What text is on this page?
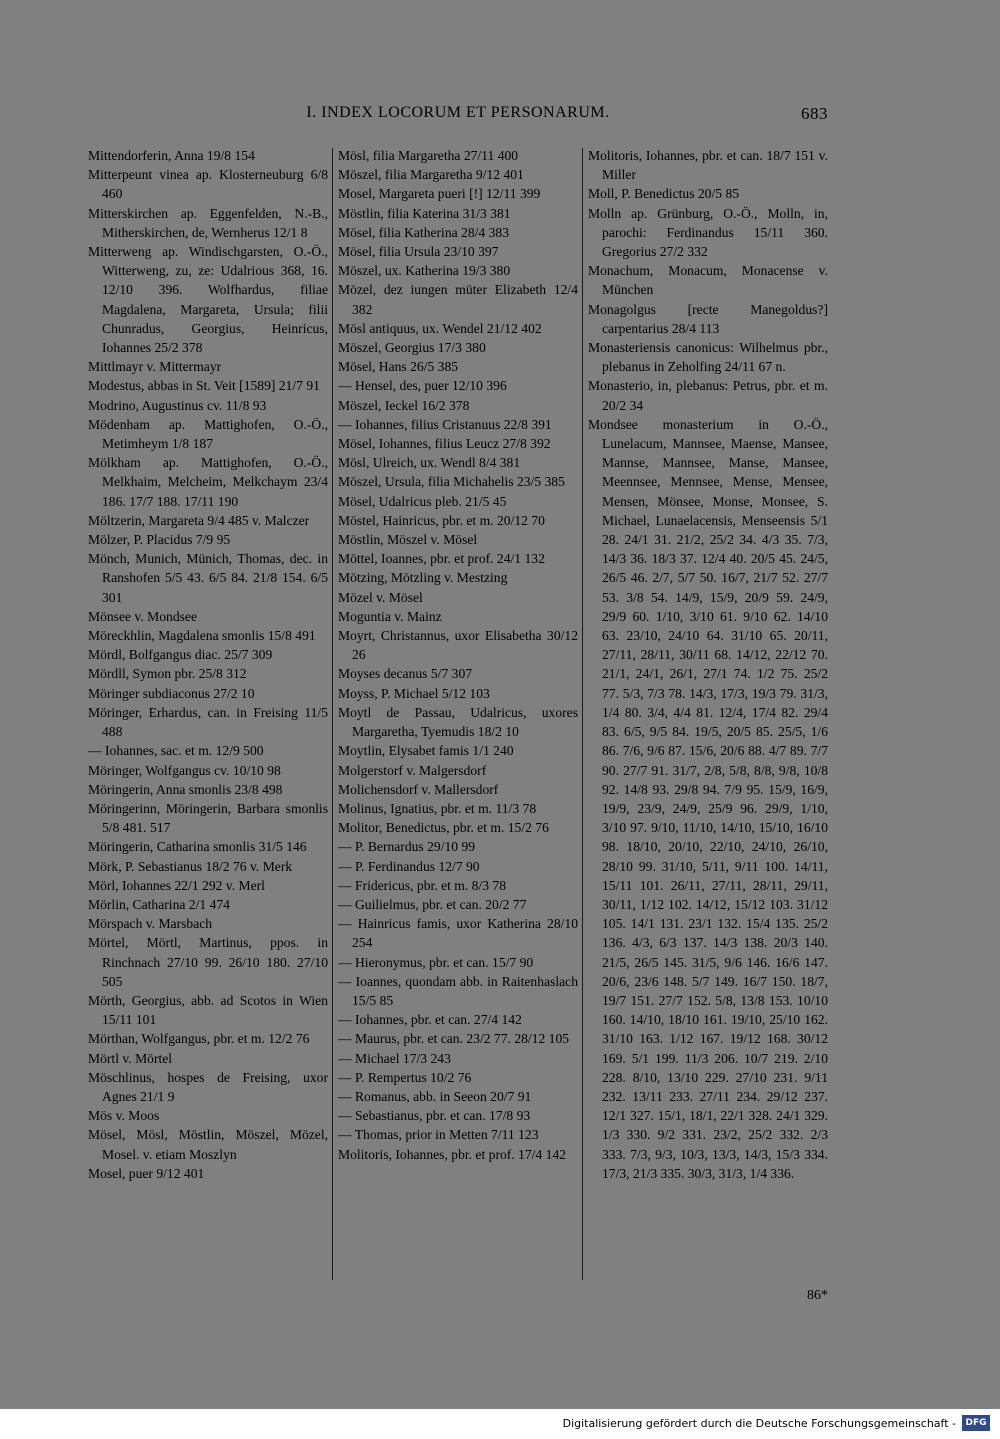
I. INDEX LOCORUM ET PERSONARUM.	683
Mittendorferin, Anna 19/8 154
Mitterpeunt vinea ap. Klosterneuburg 6/8 460
Mitterskirchen ap. Eggenfelden, N.-B., Mitherskirchen, de, Wernherus 12/1 8
Mitterweng ap. Windischgarsten, O.-Ö., Witterweng, zu, ze: Udalrious 368, 16. 12/10 396. Wolfhardus, filiae Magdalena, Margareta, Ursula; filii Chunradus, Georgius, Heinricus, Iohannes 25/2 378
Mittlmayr v. Mittermayr
Modestus, abbas in St. Veit [1589] 21/7 91
Modrino, Augustinus cv. 11/8 93
Mödenham ap. Mattighofen, O.-Ö., Metimheym 1/8 187
Mölkham ap. Mattighofen, O.-Ö., Melkhaim, Melcheim, Melkchaym 23/4 186. 17/7 188. 17/11 190
Möltzerin, Margareta 9/4 485 v. Malczer
Mölzer, P. Placidus 7/9 95
Mönch, Munich, Münich, Thomas, dec. in Ranshofen 5/5 43. 6/5 84. 21/8 154. 6/5 301
Mönsee v. Mondsee
Möreckhlin, Magdalena smonlis 15/8 491
Mördl, Bolfgangus diac. 25/7 309
Mördll, Symon pbr. 25/8 312
Möringer subdiaconus 27/2 10
Möringer, Erhardus, can. in Freising 11/5 488
— Iohannes, sac. et m. 12/9 500
Möringer, Wolfgangus cv. 10/10 98
Möringerin, Anna smonlis 23/8 498
Möringerinn, Möringerin, Barbara smonlis 5/8 481. 517
Möringerin, Catharina smonlis 31/5 146
Mörk, P. Sebastianus 18/2 76 v. Merk
Mörl, Iohannes 22/1 292 v. Merl
Mörlin, Catharina 2/1 474
Mörspach v. Marsbach
Mörtel, Mörtl, Martinus, ppos. in Rinchnach 27/10 99. 26/10 180. 27/10 505
Mörth, Georgius, abb. ad Scotos in Wien 15/11 101
Mörthan, Wolfgangus, pbr. et m. 12/2 76
Mörtl v. Mörtel
Möschlinus, hospes de Freising, uxor Agnes 21/1 9
Mös v. Moos
Mösel, Mösl, Möstlin, Möszel, Mözel, Mosel. v. etiam Moszlyn
Mosel, puer 9/12 401
Mösl, filia Margaretha 27/11 400
Möszel, filia Margaretha 9/12 401
Mosel, Margareta pueri [!] 12/11 399
Möstlin, filia Katerina 31/3 381
Mösel, filia Katherina 28/4 383
Mösel, filia Ursula 23/10 397
Möszel, ux. Katherina 19/3 380
Mözel, dez iungen müter Elizabeth 12/4 382
Mösl antiquus, ux. Wendel 21/12 402
Möszel, Georgius 17/3 380
Mösel, Hans 26/5 385
— Hensel, des, puer 12/10 396
Möszel, Ieckel 16/2 378
— Iohannes, filius Cristanuus 22/8 391
Mösel, Iohannes, filius Leucz 27/8 392
Mösl, Ulreich, ux. Wendl 8/4 381
Möszel, Ursula, filia Michahelis 23/5 385
Mösel, Udalricus pleb. 21/5 45
Möstel, Hainricus, pbr. et m. 20/12 70
Möstlin, Möszel v. Mösel
Möttel, Ioannes, pbr. et prof. 24/1 132
Mötzing, Mötzling v. Mestzing
Mözel v. Mösel
Moguntia v. Mainz
Moyrt, Christannus, uxor Elisabetha 30/12 26
Moyses decanus 5/7 307
Moyss, P. Michael 5/12 103
Moytl de Passau, Udalricus, uxores Margaretha, Tyemudis 18/2 10
Moytlin, Elysabet famis 1/1 240
Molgerstorf v. Malgersdorf
Molichensdorf v. Mallersdorf
Molinus, Ignatius, pbr. et m. 11/3 78
Molitor, Benedictus, pbr. et m. 15/2 76
— P. Bernardus 29/10 99
— P. Ferdinandus 12/7 90
— Fridericus, pbr. et m. 8/3 78
— Guilielmus, pbr. et can. 20/2 77
— Hainricus famis, uxor Katherina 28/10 254
— Hieronymus, pbr. et can. 15/7 90
— Ioannes, quondam abb. in Raitenhaslach 15/5 85
— Iohannes, pbr. et can. 27/4 142
— Maurus, pbr. et can. 23/2 77. 28/12 105
— Michael 17/3 243
— P. Rempertus 10/2 76
— Romanus, abb. in Seeon 20/7 91
— Sebastianus, pbr. et can. 17/8 93
— Thomas, prior in Metten 7/11 123
Molitoris, Iohannes, pbr. et prof. 17/4 142
Molitoris, Iohannes, pbr. et can. 18/7 151 v. Miller
Moll, P. Benedictus 20/5 85
Molln ap. Grünburg, O.-Ö., Molln, in, parochi: Ferdinandus 15/11 360. Gregorius 27/2 332
Monachum, Monacum, Monacense v. München
Monagolgus [recte Manegoldus?] carpentarius 28/4 113
Monasteriensis canonicus: Wilhelmus pbr., plebanus in Zeholfing 24/11 67 n.
Monasterio, in, plebanus: Petrus, pbr. et m. 20/2 34
Mondsee monasterium in O.-Ö., Lunelacum, Mannsee, Maense, Mansee, Mannse, Mannsee, Manse, Mansee, Meennsee, Mennsee, Mense, Mensee, Mensen, Mönsee, Monse, Monsee, S. Michael, Lunaelacensis, Menseensis 5/1 28. 24/1 31. 21/2, 25/2 34. 4/3 35. 7/3, 14/3 36. 18/3 37. 12/4 40. 20/5 45. 24/5, 26/5 46. 2/7, 5/7 50. 16/7, 21/7 52. 27/7 53. 3/8 54. 14/9, 15/9, 20/9 59. 24/9, 29/9 60. 1/10, 3/10 61. 9/10 62. 14/10 63. 23/10, 24/10 64. 31/10 65. 20/11, 27/11, 28/11, 30/11 68. 14/12, 22/12 70. 21/1, 24/1, 26/1, 27/1 74. 1/2 75. 25/2 77. 5/3, 7/3 78. 14/3, 17/3, 19/3 79. 31/3, 1/4 80. 3/4, 4/4 81. 12/4, 17/4 82. 29/4 83. 6/5, 9/5 84. 19/5, 20/5 85. 25/5, 1/6 86. 7/6, 9/6 87. 15/6, 20/6 88. 4/7 89. 7/7 90. 27/7 91. 31/7, 2/8, 5/8, 8/8, 9/8, 10/8 92. 14/8 93. 29/8 94. 7/9 95. 15/9, 16/9, 19/9, 23/9, 24/9, 25/9 96. 29/9, 1/10, 3/10 97. 9/10, 11/10, 14/10, 15/10, 16/10 98. 18/10, 20/10, 22/10, 24/10, 26/10, 28/10 99. 31/10, 5/11, 9/11 100. 14/11, 15/11 101. 26/11, 27/11, 28/11, 29/11, 30/11, 1/12 102. 14/12, 15/12 103. 31/12 105. 14/1 131. 23/1 132. 15/4 135. 25/2 136. 4/3, 6/3 137. 14/3 138. 20/3 140. 21/5, 26/5 145. 31/5, 9/6 146. 16/6 147. 20/6, 23/6 148. 5/7 149. 16/7 150. 18/7, 19/7 151. 27/7 152. 5/8, 13/8 153. 10/10 160. 14/10, 18/10 161. 19/10, 25/10 162. 31/10 163. 1/12 167. 19/12 168. 30/12 169. 5/1 199. 11/3 206. 10/7 219. 2/10 228. 8/10, 13/10 229. 27/10 231. 9/11 232. 13/11 233. 27/11 234. 29/12 237. 12/1 327. 15/1, 18/1, 22/1 328. 24/1 329. 1/3 330. 9/2 331. 23/2, 25/2 332. 2/3 333. 7/3, 9/3, 10/3, 13/3, 14/3, 15/3 334. 17/3, 21/3 335. 30/3, 31/3, 1/4 336.
86*
Digitalisierung gefördert durch die Deutsche Forschungsgemeinschaft -	DFG
